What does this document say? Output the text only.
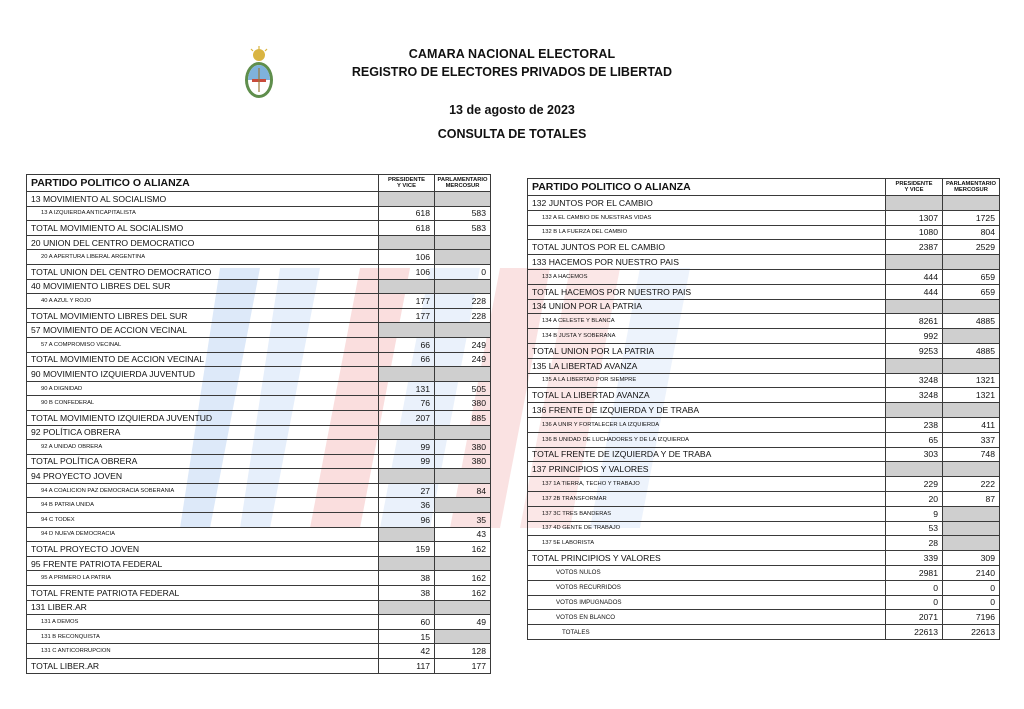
CAMARA NACIONAL ELECTORAL
REGISTRO DE ELECTORES PRIVADOS DE LIBERTAD
13 de agosto de 2023
CONSULTA DE TOTALES
PARTIDO POLITICO O ALIANZA	PRESIDENTE
Y VICE	PARLAMENTARIO
MERCOSUR
13 MOVIMIENTO AL SOCIALISMO		
13 A IZQUIERDA ANTICAPITALISTA	618	583
TOTAL MOVIMIENTO AL SOCIALISMO	618	583
20 UNION DEL CENTRO DEMOCRATICO		
20 A APERTURA LIBERAL ARGENTINA	106	
TOTAL UNION DEL CENTRO DEMOCRATICO	106	0
40 MOVIMIENTO LIBRES DEL SUR		
40 A AZUL Y ROJO	177	228
TOTAL MOVIMIENTO LIBRES DEL SUR	177	228
57 MOVIMIENTO DE ACCION VECINAL		
57 A COMPROMISO VECINAL	66	249
TOTAL MOVIMIENTO DE ACCION VECINAL	66	249
90 MOVIMIENTO IZQUIERDA JUVENTUD		
90 A DIGNIDAD	131	505
90 B CONFEDERAL	76	380
TOTAL MOVIMIENTO IZQUIERDA JUVENTUD	207	885
92 POLÍTICA OBRERA		
92 A UNIDAD OBRERA	99	380
TOTAL POLÍTICA OBRERA	99	380
94 PROYECTO JOVEN		
94 A COALICION PAZ DEMOCRACIA SOBERANIA	27	84
94 B PATRIA UNIDA	36	
94 C TODEX	96	35
94 D NUEVA DEMOCRACIA		43
TOTAL PROYECTO JOVEN	159	162
95 FRENTE PATRIOTA FEDERAL		
95 A PRIMERO LA PATRIA	38	162
TOTAL FRENTE PATRIOTA FEDERAL	38	162
131 LIBER.AR		
131 A DEMOS	60	49
131 B RECONQUISTA	15	
131 C ANTICORRUPCION	42	128
TOTAL LIBER.AR	117	177
PARTIDO POLITICO O ALIANZA	PRESIDENTE
Y VICE	PARLAMENTARIO
MERCOSUR
132 JUNTOS POR EL CAMBIO		
132 A EL CAMBIO DE NUESTRAS VIDAS	1307	1725
132 B LA FUERZA DEL CAMBIO	1080	804
TOTAL JUNTOS POR EL CAMBIO	2387	2529
133 HACEMOS POR NUESTRO PAIS		
133 A HACEMOS	444	659
TOTAL HACEMOS POR NUESTRO PAIS	444	659
134 UNION POR LA PATRIA		
134 A CELESTE Y BLANCA	8261	4885
134 B JUSTA Y SOBERANA	992	
TOTAL UNION POR LA PATRIA	9253	4885
135 LA LIBERTAD AVANZA		
135 A LA LIBERTAD POR SIEMPRE	3248	1321
TOTAL LA LIBERTAD AVANZA	3248	1321
136 FRENTE DE IZQUIERDA Y DE TRABA		
136 A UNIR Y FORTALECER LA IZQUIERDA	238	411
136 B UNIDAD DE LUCHADORES Y DE LA IZQUIERDA	65	337
TOTAL FRENTE DE IZQUIERDA Y DE TRABA	303	748
137 PRINCIPIOS Y VALORES		
137 1A TIERRA, TECHO Y TRABAJO	229	222
137 2B TRANSFORMAR	20	87
137 3C TRES BANDERAS	9	
137 4D GENTE DE TRABAJO	53	
137 5E LABORISTA	28	
TOTAL PRINCIPIOS Y VALORES	339	309
VOTOS NULOS	2981	2140
VOTOS RECURRIDOS	0	0
VOTOS IMPUGNADOS	0	0
VOTOS EN BLANCO	2071	7196
TOTALES	22613	22613
